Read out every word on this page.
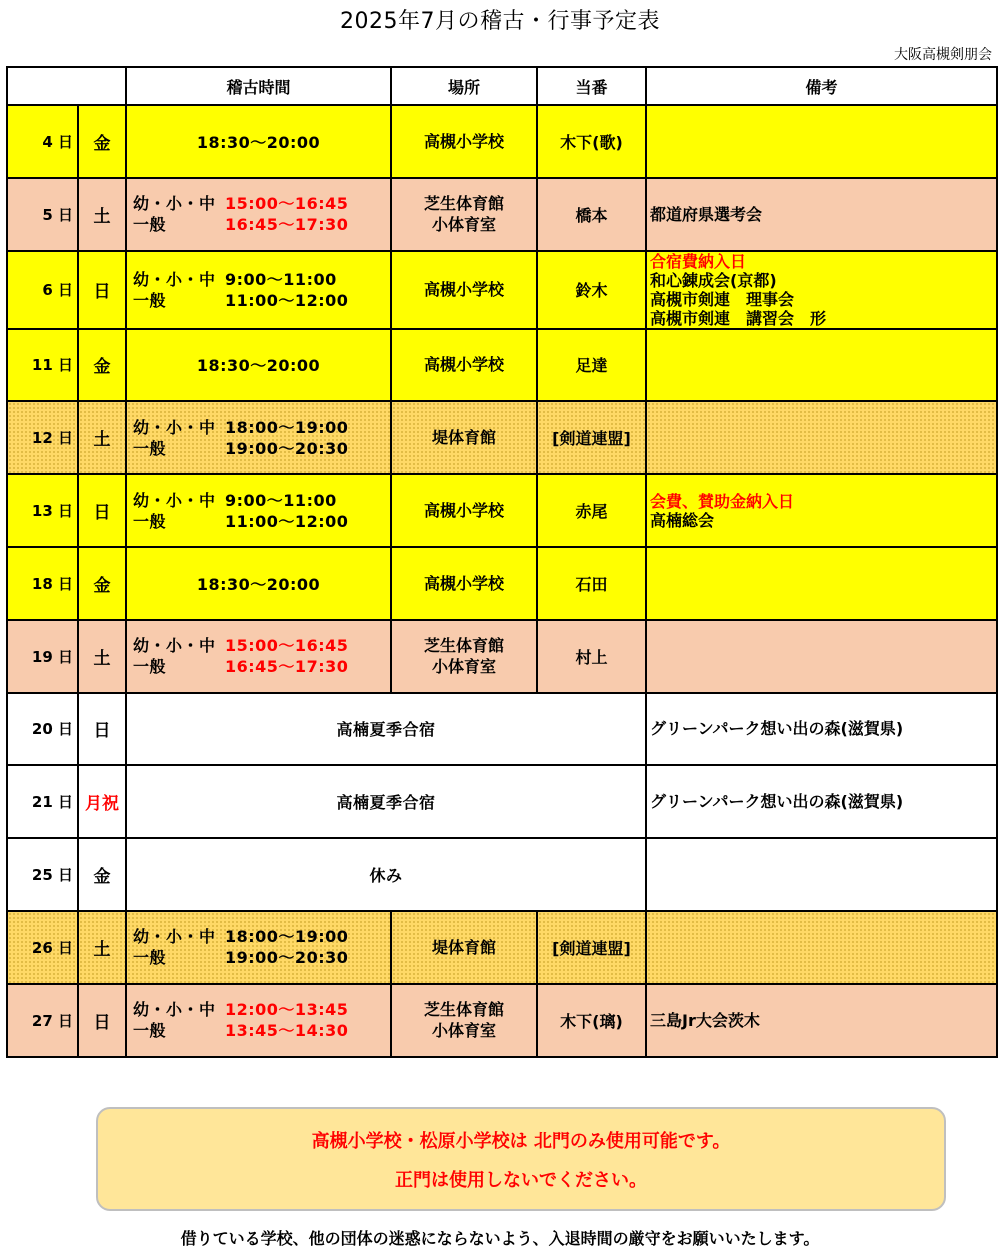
2025年7月の稽古・行事予定表
大阪高槻剣朋会
		稽古時間	場所	当番	備考
4 日	金	18:30～20:00	高槻小学校	木下(歌)	
5 日	土	幼・小・中 15:00～16:45
一般 16:45～17:30	芝生体育館
小体育室	橋本	都道府県選考会

6 日	日	幼・小・中 9:00～11:00
一般 11:00～12:00	高槻小学校	鈴木	合宿費納入日
和心錬成会(京都)
高槻市剣連　理事会
高槻市剣連　講習会　形

11 日	金	18:30～20:00	高槻小学校	足達	
12 日	土	幼・小・中 18:00～19:00
一般 19:00～20:30	堤体育館	[剣道連盟]	
13 日	日	幼・小・中 9:00～11:00
一般 11:00～12:00	高槻小学校	赤尾	会費、賛助金納入日
高楠総会

18 日	金	18:30～20:00	高槻小学校	石田	
19 日	土	幼・小・中 15:00～16:45
一般 16:45～17:30	芝生体育館
小体育室	村上	
20 日	日	高楠夏季合宿			グリーンパーク想い出の森(滋賀県)

21 日	月祝	高楠夏季合宿			グリーンパーク想い出の森(滋賀県)

25 日	金	休み			
26 日	土	幼・小・中 18:00～19:00
一般 19:00～20:30	堤体育館	[剣道連盟]	
27 日	日	幼・小・中 12:00～13:45
一般 13:45～14:30	芝生体育館
小体育室	木下(璃)	三島Jr大会茨木
高槻小学校・松原小学校は 北門のみ使用可能です。
正門は使用しないでください。
借りている学校、他の団体の迷惑にならないよう、入退時間の厳守をお願いいたします。
